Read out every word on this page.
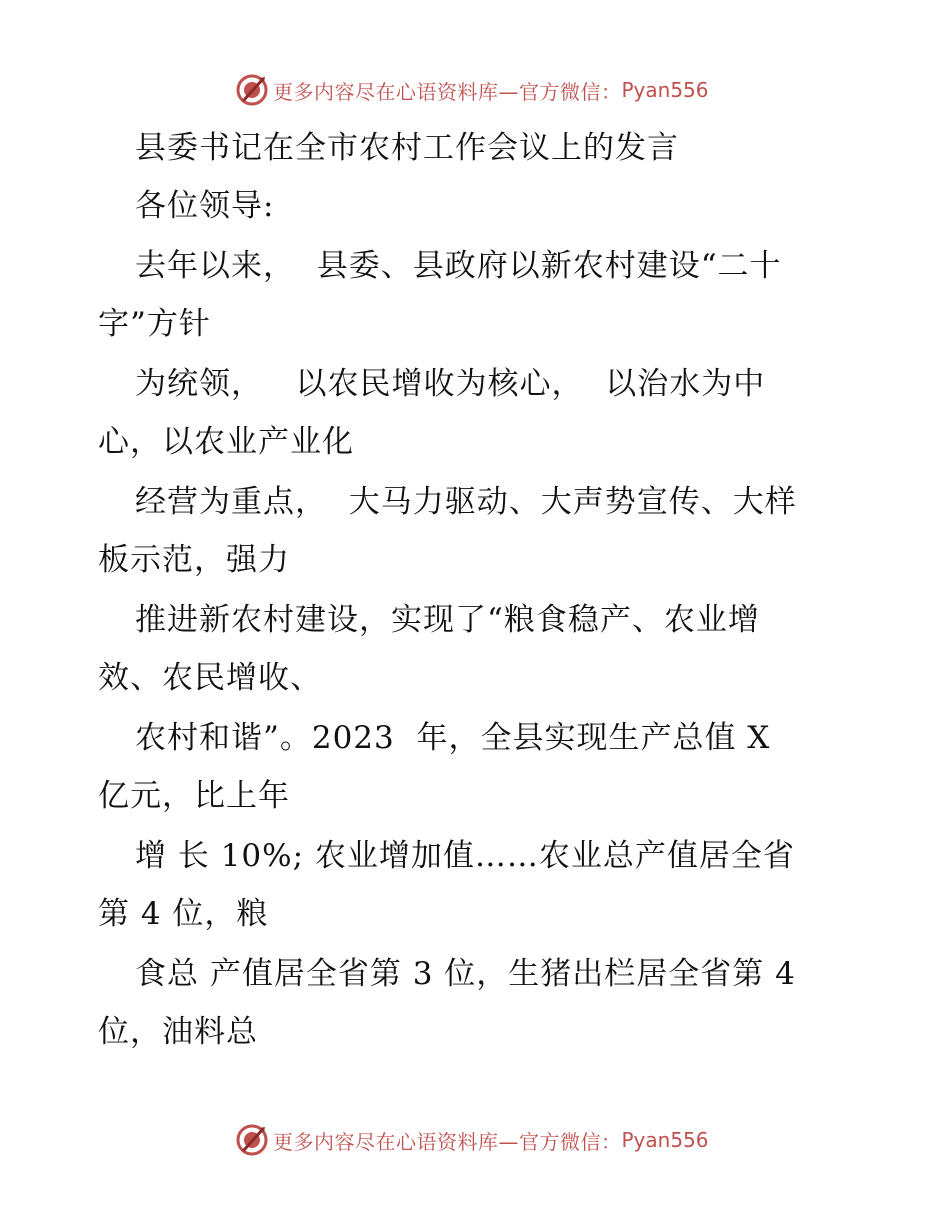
更多内容尽在心语资料库—官方微信： Pyan556
县委书记在全市农村工作会议上的发言
各位领导:
去年以来，  县委、县政府以新农村建设“二十
字”方针
为统领，   以农民增收为核心，  以治水为中
心，以农业产业化
经营为重点，  大马力驱动、大声势宣传、大样
板示范，强力
推进新农村建设，实现了“粮食稳产、农业增
效、农民增收、
农村和谐”。2023  年，全县实现生产总值 X
亿元，比上年
增 长 10%; 农业增加值……农业总产值居全省
第 4 位，粮
食总 产值居全省第 3 位，生猪出栏居全省第 4
位，油料总
更多内容尽在心语资料库—官方微信： Pyan556
